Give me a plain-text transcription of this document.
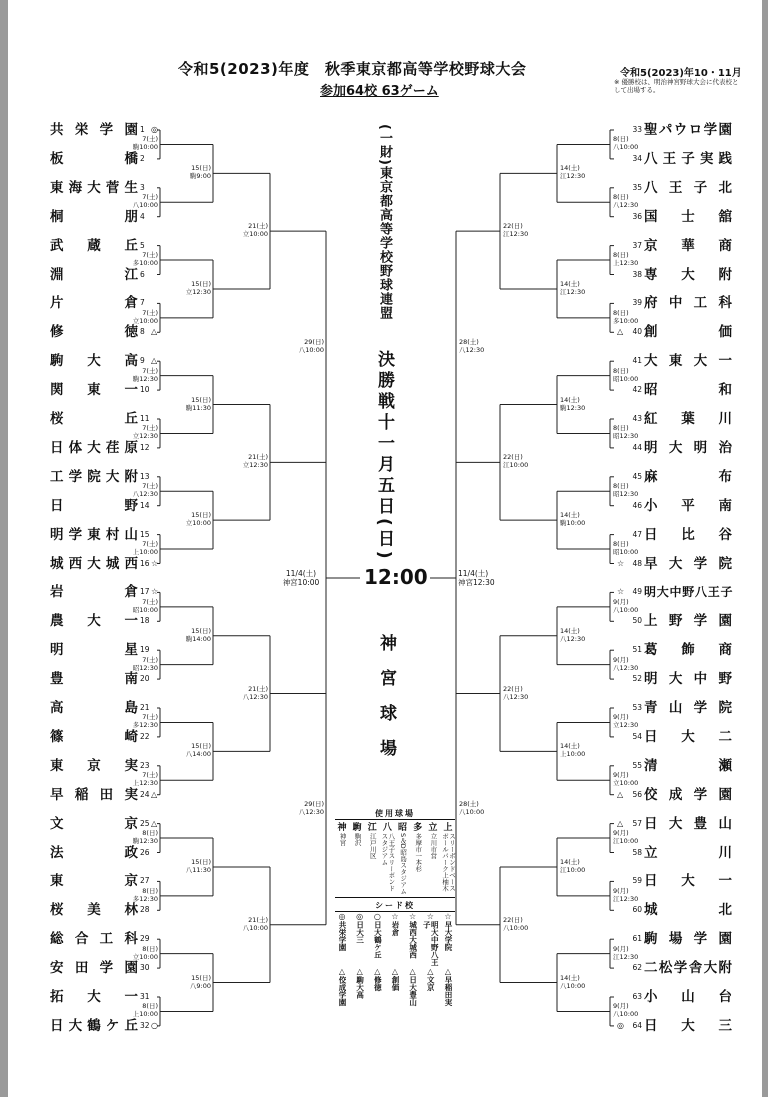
令和5(2023)年度　秋季東京都高等学校野球大会
参加64校 63ゲーム
令和5(2023)年10・11月
※ 優勝校は、明治神宮野球大会に代表校として出場する。
共栄学園 1 ◎
板橋 2
東海大菅生 3
桐朋 4
武蔵丘 5
淵江 6
片倉 7
修徳 8 △
駒大高 9 △
関東一 10
桜丘 11
日体大荏原 12
工学院大附 13
日野 14
明学東村山 15
城西大城西 16 ☆
岩倉 17 ☆
農大一 18
明星 19
豊南 20
高島 21
篠崎 22
東京実 23
早稲田実 24 △
文京 25 △
法政 26
東京 27
桜美林 28
総合工科 29
安田学園 30
拓大一 31
日大鶴ケ丘 32 ○
聖パウロ学園
33
八王子実践
34
八王子北
35
国士舘
36
京華商
37
専大附
38
府中工科
39
創価
40
△
大東大一
41
昭和
42
紅葉川
43
明大明治
44
麻布
45
小平南
46
日比谷
47
早大学院
48
☆
明大中野八王子
49
☆
上野学園
50
葛飾商
51
明大中野
52
青山学院
53
日大二
54
清瀬
55
佼成学園
56
△
日大豊山
57
△
立川
58
日大一
59
城北
60
駒場学園
61
二松学舎大附
62
小山台
63
日大三
64
◎
7(土)
駒10:00
7(土)
八10:00
7(土)
多10:00
7(土)
立10:00
7(土)
駒12:30
7(土)
立12:30
7(土)
八12:30
7(土)
上10:00
7(土)
昭10:00
7(土)
昭12:30
7(土)
多12:30
7(土)
上12:30
8(日)
駒12:30
8(日)
多12:30
8(日)
立10:00
8(日)
上10:00
15(日)
駒9:00
15(日)
立12:30
15(日)
駒11:30
15(日)
立10:00
15(日)
駒14:00
15(日)
八14:00
15(日)
八11:30
15(日)
八9:00
21(土)
立10:00
21(土)
立12:30
21(土)
八12:30
21(土)
八10:00
29(日)
八10:00
29(日)
八12:30
8(日)
八10:00
8(日)
八12:30
8(日)
上12:30
8(日)
多10:00
8(日)
昭10:00
8(日)
昭12:30
8(日)
昭12:30
8(日)
昭10:00
9(月)
八10:00
9(月)
八12:30
9(月)
立12:30
9(月)
立10:00
9(月)
江10:00
9(月)
江12:30
9(月)
江12:30
9(月)
八10:00
14(土)
江12:30
14(土)
江12:30
14(土)
駒12:30
14(土)
駒10:00
14(土)
八12:30
14(土)
上10:00
14(土)
江10:00
14(土)
八10:00
22(日)
江12:30
22(日)
江10:00
22(日)
八12:30
22(日)
八10:00
28(土)
八12:30
28(土)
八10:00
(一財)東京都高等学校野球連盟
決勝戦十一月五日(日)
12:00
神宮球場
11/4(土)
神宮10:00
11/4(土)
神宮12:30
使用球場
神
神宮
駒
駒沢
江
江戸川区
八
八王子スリーボンドスタジアム
昭
S＆D昭島スタジアム
多
多摩市一本杉
立
立川市営
上
スリーボンドベースボールパーク上柚木
シード校
◎
共栄学園
△
佼成学園
◎
日大三
△
駒大高
○
日大鶴ケ丘
△
修徳
☆
岩倉
△
創価
☆
城西大城西
△
日大豊山
☆
明大中野八王子
△
文京
☆
早大学院
△
早稲田実
